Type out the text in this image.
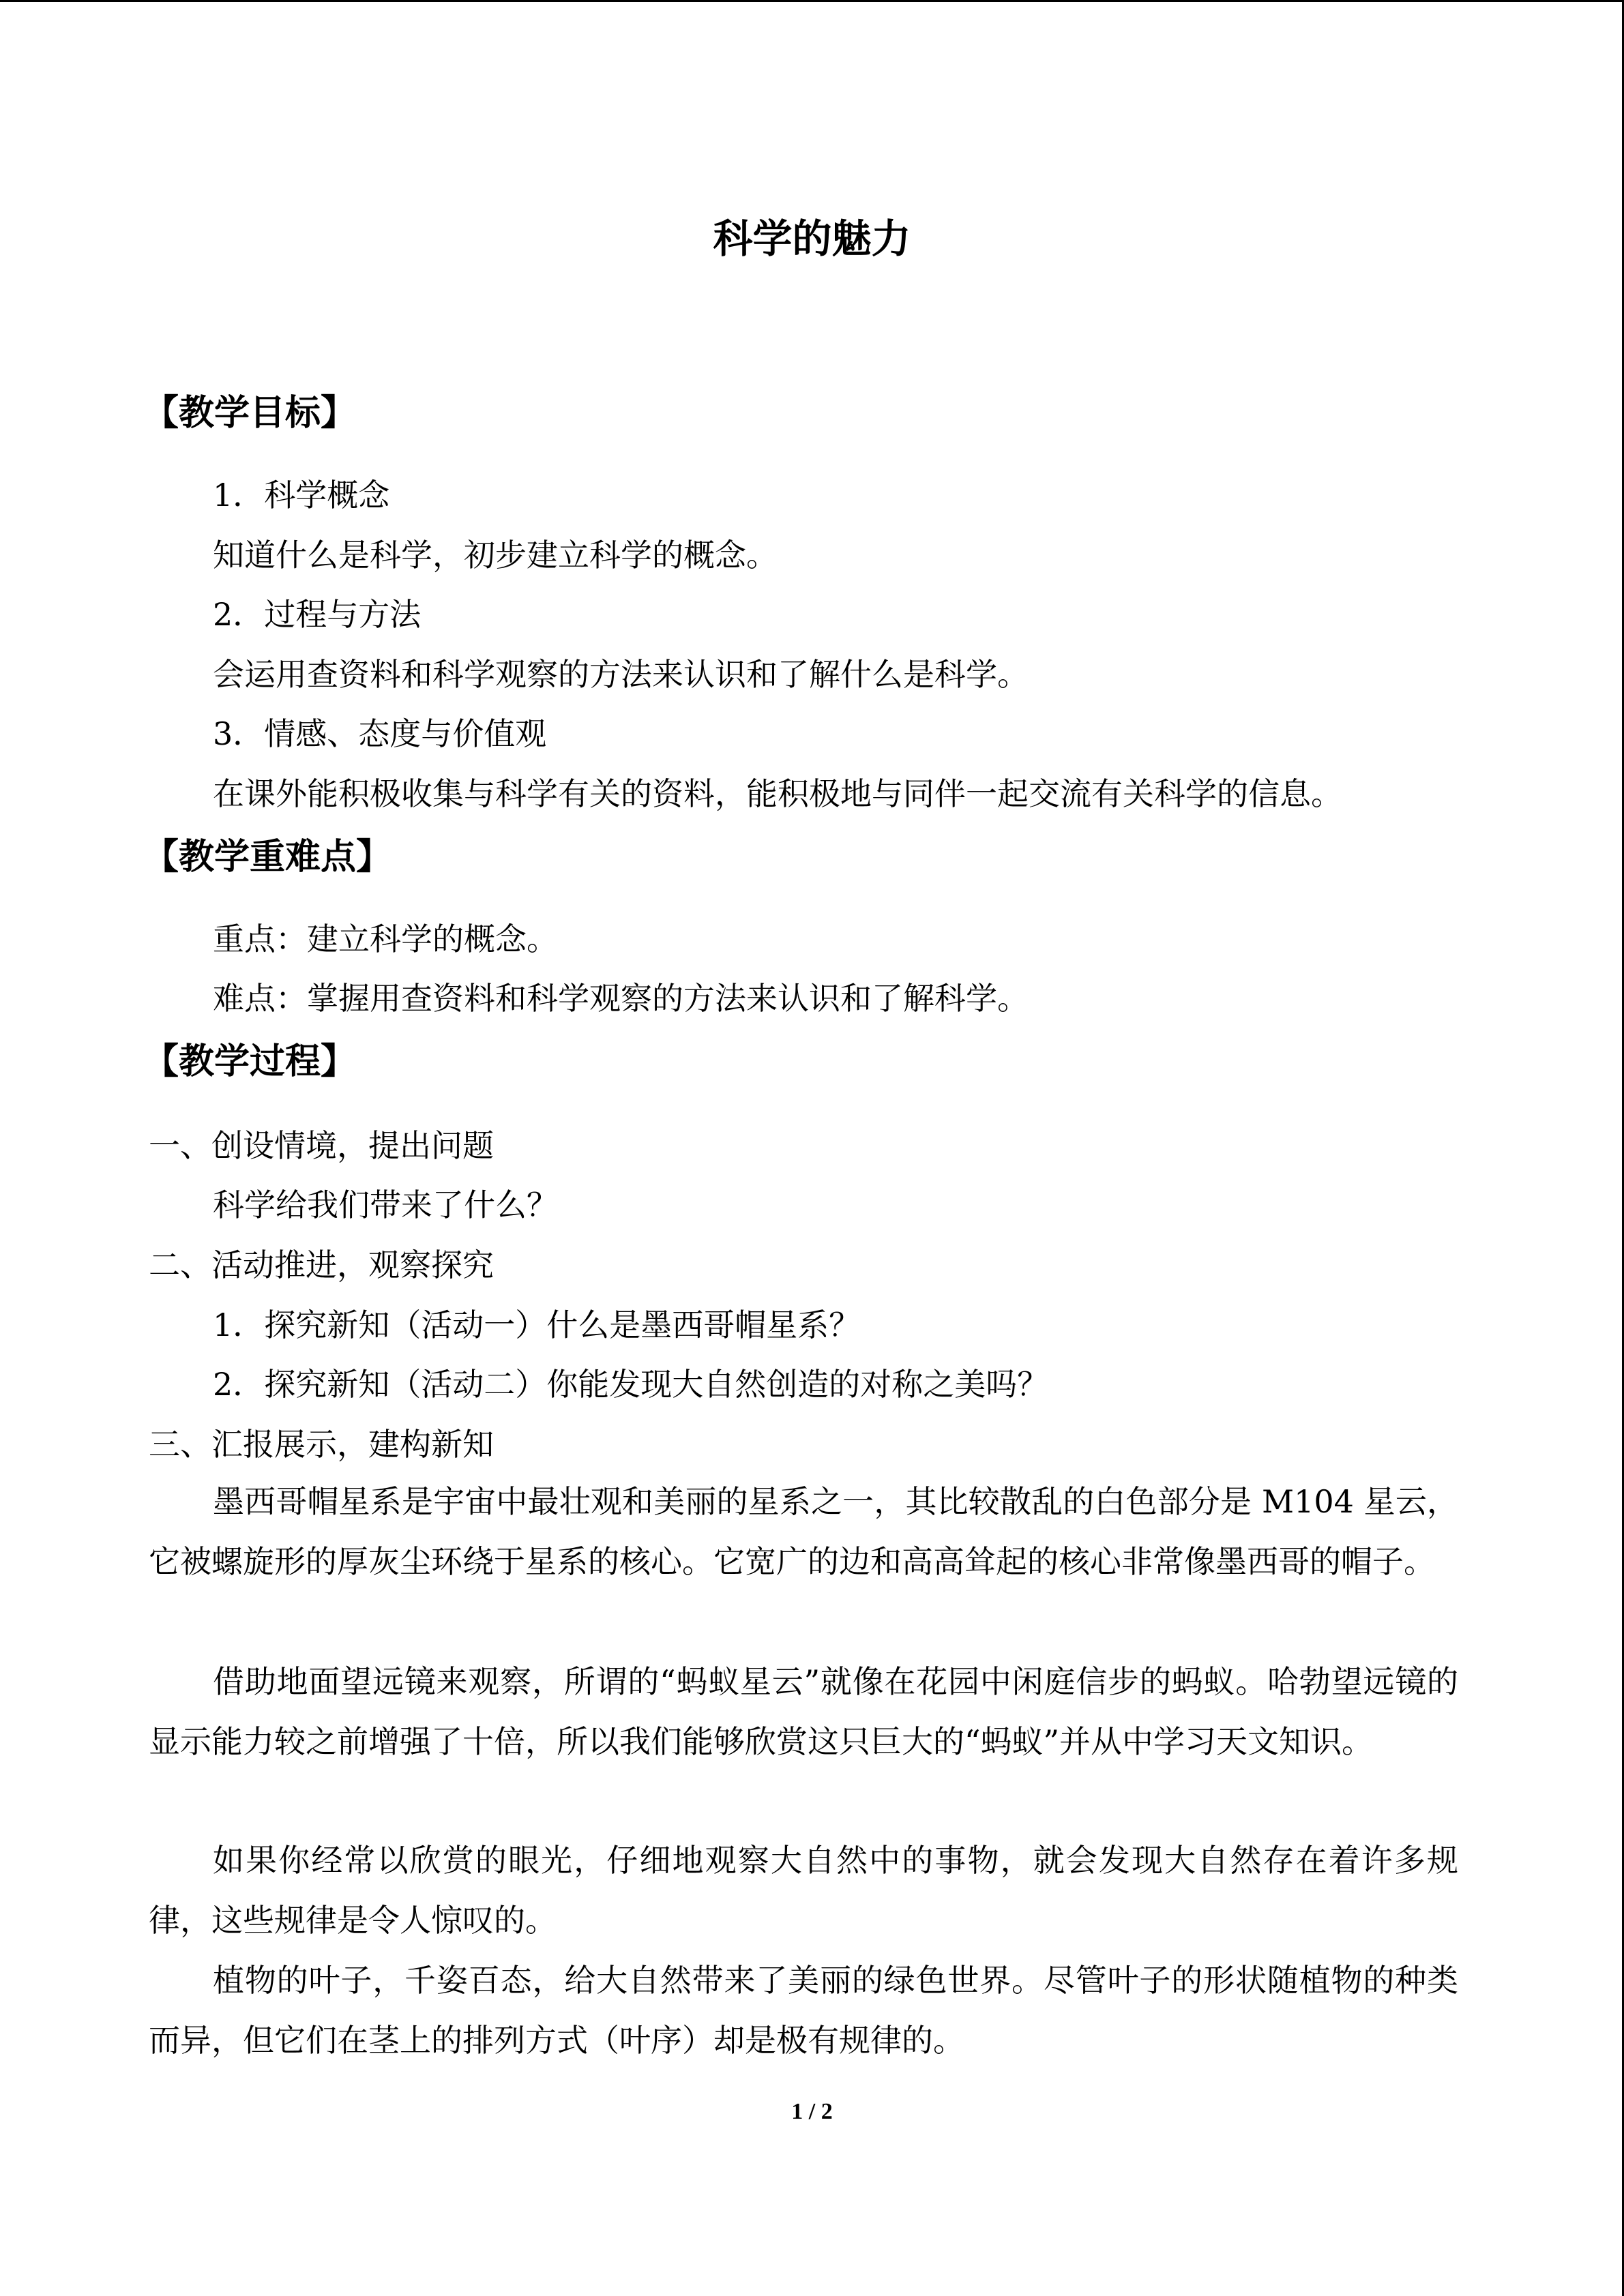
科学的魅力
【教学目标】
1．科学概念
知道什么是科学，初步建立科学的概念。
2．过程与方法
会运用查资料和科学观察的方法来认识和了解什么是科学。
3．情感、态度与价值观
在课外能积极收集与科学有关的资料，能积极地与同伴一起交流有关科学的信息。
【教学重难点】
重点：建立科学的概念。
难点：掌握用查资料和科学观察的方法来认识和了解科学。
【教学过程】
一、创设情境，提出问题
科学给我们带来了什么？
二、活动推进，观察探究
1．探究新知（活动一）什么是墨西哥帽星系？
2．探究新知（活动二）你能发现大自然创造的对称之美吗？
三、汇报展示，建构新知
墨西哥帽星系是宇宙中最壮观和美丽的星系之一，其比较散乱的白色部分是 M104 星云，它被螺旋形的厚灰尘环绕于星系的核心。它宽广的边和高高耸起的核心非常像墨西哥的帽子。
借助地面望远镜来观察，所谓的“蚂蚁星云”就像在花园中闲庭信步的蚂蚁。哈勃望远镜的显示能力较之前增强了十倍，所以我们能够欣赏这只巨大的“蚂蚁”并从中学习天文知识。
如果你经常以欣赏的眼光，仔细地观察大自然中的事物，就会发现大自然存在着许多规律，这些规律是令人惊叹的。
植物的叶子，千姿百态，给大自然带来了美丽的绿色世界。尽管叶子的形状随植物的种类而异，但它们在茎上的排列方式（叶序）却是极有规律的。
1 / 2
